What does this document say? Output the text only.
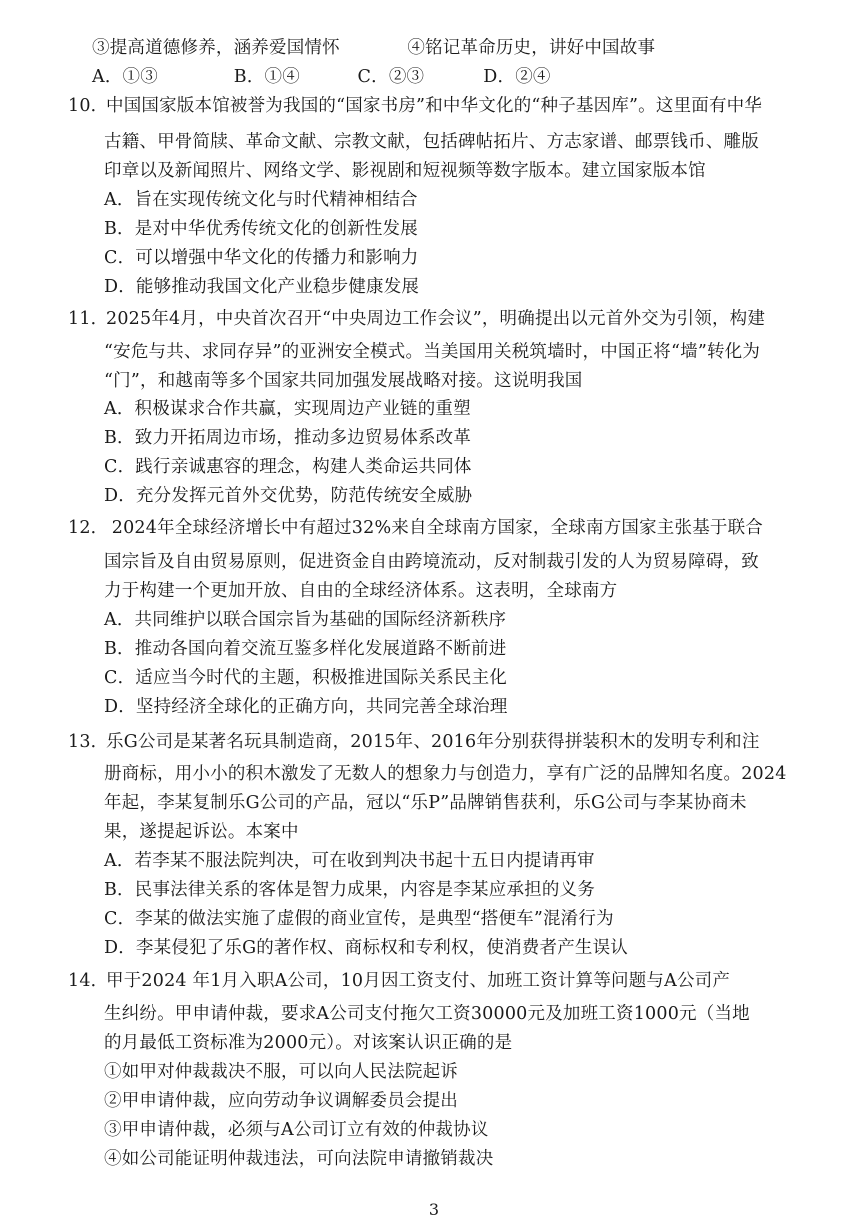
③提高道德修养，涵养爱国情怀	④铭记革命历史，讲好中国故事
A．①③	B．①④	C．②③	D．②④
10．中国国家版本馆被誉为我国的“国家书房”和中华文化的“种子基因库”。这里面有中华
古籍、甲骨简牍、革命文献、宗教文献，包括碑帖拓片、方志家谱、邮票钱币、雕版
印章以及新闻照片、网络文学、影视剧和短视频等数字版本。建立国家版本馆
A．旨在实现传统文化与时代精神相结合
B．是对中华优秀传统文化的创新性发展
C．可以增强中华文化的传播力和影响力
D．能够推动我国文化产业稳步健康发展
11．2025年4月，中央首次召开“中央周边工作会议”，明确提出以元首外交为引领，构建
“安危与共、求同存异”的亚洲安全模式。当美国用关税筑墙时，中国正将“墙”转化为
“门”，和越南等多个国家共同加强发展战略对接。这说明我国
A．积极谋求合作共赢，实现周边产业链的重塑
B．致力开拓周边市场，推动多边贸易体系改革
C．践行亲诚惠容的理念，构建人类命运共同体
D．充分发挥元首外交优势，防范传统安全威胁
12． 2024年全球经济增长中有超过32%来自全球南方国家，全球南方国家主张基于联合
国宗旨及自由贸易原则，促进资金自由跨境流动，反对制裁引发的人为贸易障碍，致
力于构建一个更加开放、自由的全球经济体系。这表明，全球南方
A．共同维护以联合国宗旨为基础的国际经济新秩序
B．推动各国向着交流互鉴多样化发展道路不断前进
C．适应当今时代的主题，积极推进国际关系民主化
D．坚持经济全球化的正确方向，共同完善全球治理
13．乐G公司是某著名玩具制造商，2015年、2016年分别获得拼装积木的发明专利和注
册商标，用小小的积木激发了无数人的想象力与创造力，享有广泛的品牌知名度。2024
年起，李某复制乐G公司的产品，冠以“乐P”品牌销售获利，乐G公司与李某协商未
果，遂提起诉讼。本案中
A．若李某不服法院判决，可在收到判决书起十五日内提请再审
B．民事法律关系的客体是智力成果，内容是李某应承担的义务
C．李某的做法实施了虚假的商业宣传，是典型“搭便车”混淆行为
D．李某侵犯了乐G的著作权、商标权和专利权，使消费者产生误认
14．甲于2024 年1月入职A公司，10月因工资支付、加班工资计算等问题与A公司产
生纠纷。甲申请仲裁，要求A公司支付拖欠工资30000元及加班工资1000元（当地
的月最低工资标准为2000元）。对该案认识正确的是
①如甲对仲裁裁决不服，可以向人民法院起诉
②甲申请仲裁，应向劳动争议调解委员会提出
③甲申请仲裁，必须与A公司订立有效的仲裁协议
④如公司能证明仲裁违法，可向法院申请撤销裁决
3
